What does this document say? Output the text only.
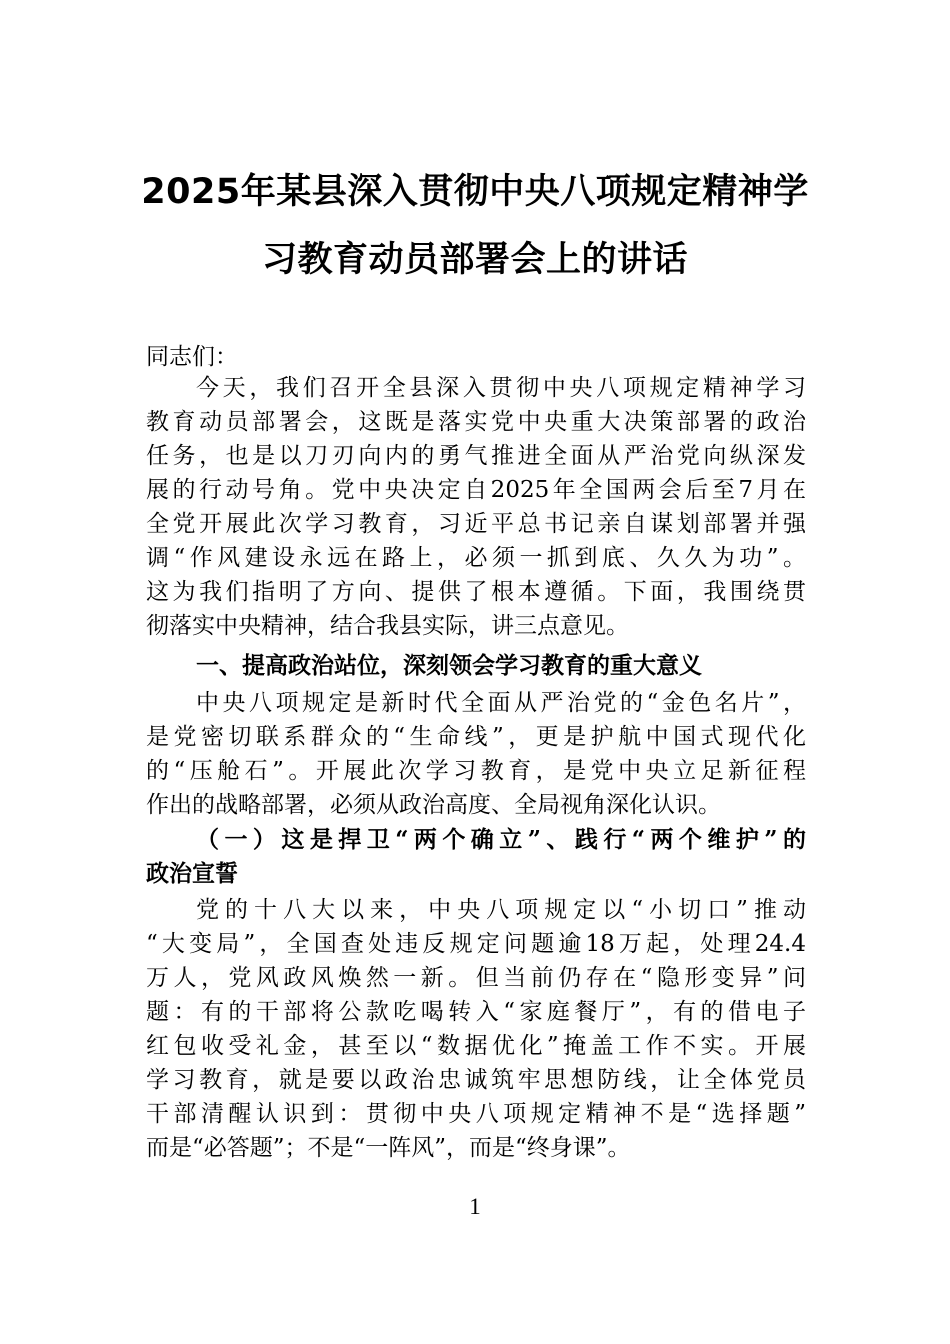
2025年某县深入贯彻中央八项规定精神学
习教育动员部署会上的讲话
同志们：
今天，我们召开全县深入贯彻中央八项规定精神学习
教育动员部署会，这既是落实党中央重大决策部署的政治
任务，也是以刀刃向内的勇气推进全面从严治党向纵深发
展的行动号角。党中央决定自2025年全国两会后至7月在
全党开展此次学习教育，习近平总书记亲自谋划部署并强
调“作风建设永远在路上，必须一抓到底、久久为功”。
这为我们指明了方向、提供了根本遵循。下面，我围绕贯
彻落实中央精神，结合我县实际，讲三点意见。
一、提高政治站位，深刻领会学习教育的重大意义
中央八项规定是新时代全面从严治党的“金色名片”，
是党密切联系群众的“生命线”，更是护航中国式现代化
的“压舱石”。开展此次学习教育，是党中央立足新征程
作出的战略部署，必须从政治高度、全局视角深化认识。
（一）这是捍卫“两个确立”、践行“两个维护”的
政治宣誓
党的十八大以来，中央八项规定以“小切口”推动
“大变局”，全国查处违反规定问题逾18万起，处理24.4
万人，党风政风焕然一新。但当前仍存在“隐形变异”问
题：有的干部将公款吃喝转入“家庭餐厅”，有的借电子
红包收受礼金，甚至以“数据优化”掩盖工作不实。开展
学习教育，就是要以政治忠诚筑牢思想防线，让全体党员
干部清醒认识到：贯彻中央八项规定精神不是“选择题”
而是“必答题”；不是“一阵风”，而是“终身课”。
1
